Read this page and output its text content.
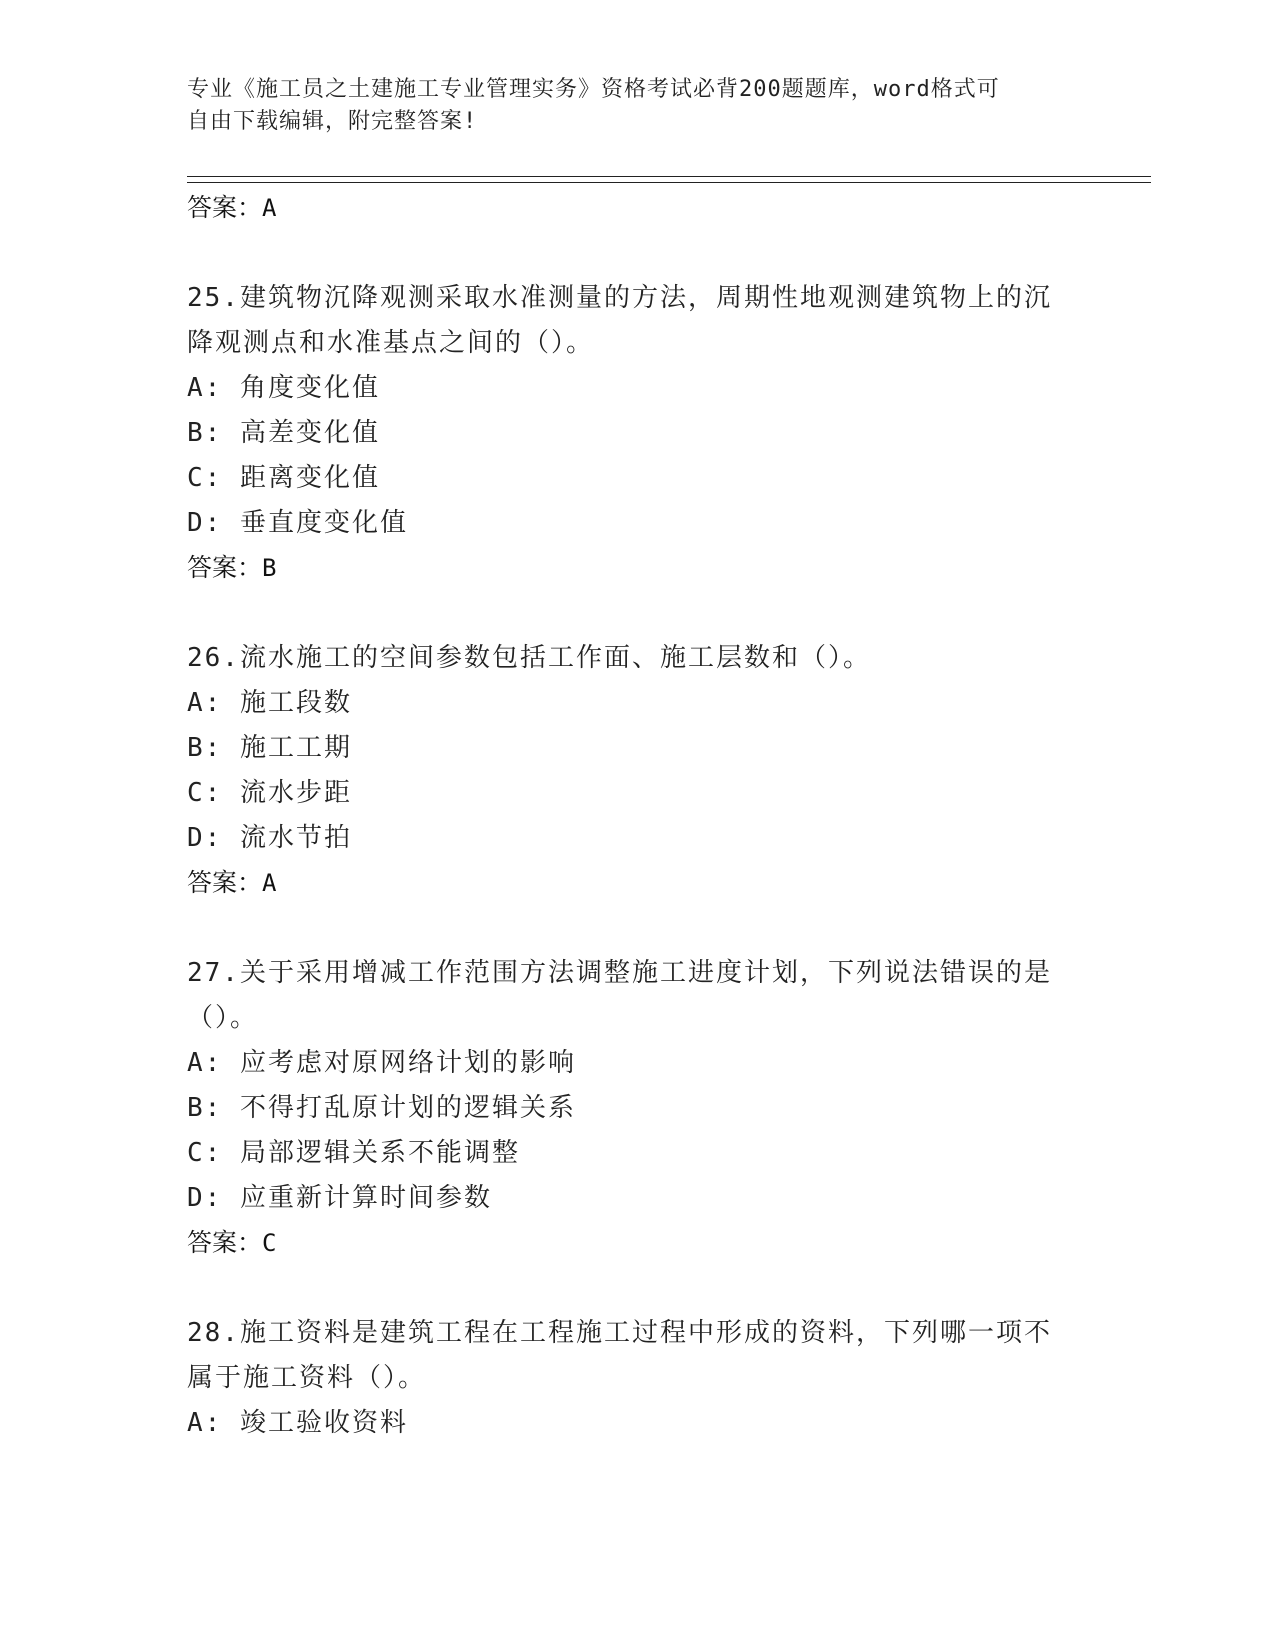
专业《施工员之土建施工专业管理实务》资格考试必背200题题库，word格式可
自由下载编辑，附完整答案!
答案：A
25.建筑物沉降观测采取水准测量的方法，周期性地观测建筑物上的沉
降观测点和水准基点之间的（）。
A: 角度变化值
B: 高差变化值
C: 距离变化值
D: 垂直度变化值
答案：B
26.流水施工的空间参数包括工作面、施工层数和（）。
A: 施工段数
B: 施工工期
C: 流水步距
D: 流水节拍
答案：A
27.关于采用增减工作范围方法调整施工进度计划，下列说法错误的是
（）。
A: 应考虑对原网络计划的影响
B: 不得打乱原计划的逻辑关系
C: 局部逻辑关系不能调整
D: 应重新计算时间参数
答案：C
28.施工资料是建筑工程在工程施工过程中形成的资料，下列哪一项不
属于施工资料（）。
A: 竣工验收资料
